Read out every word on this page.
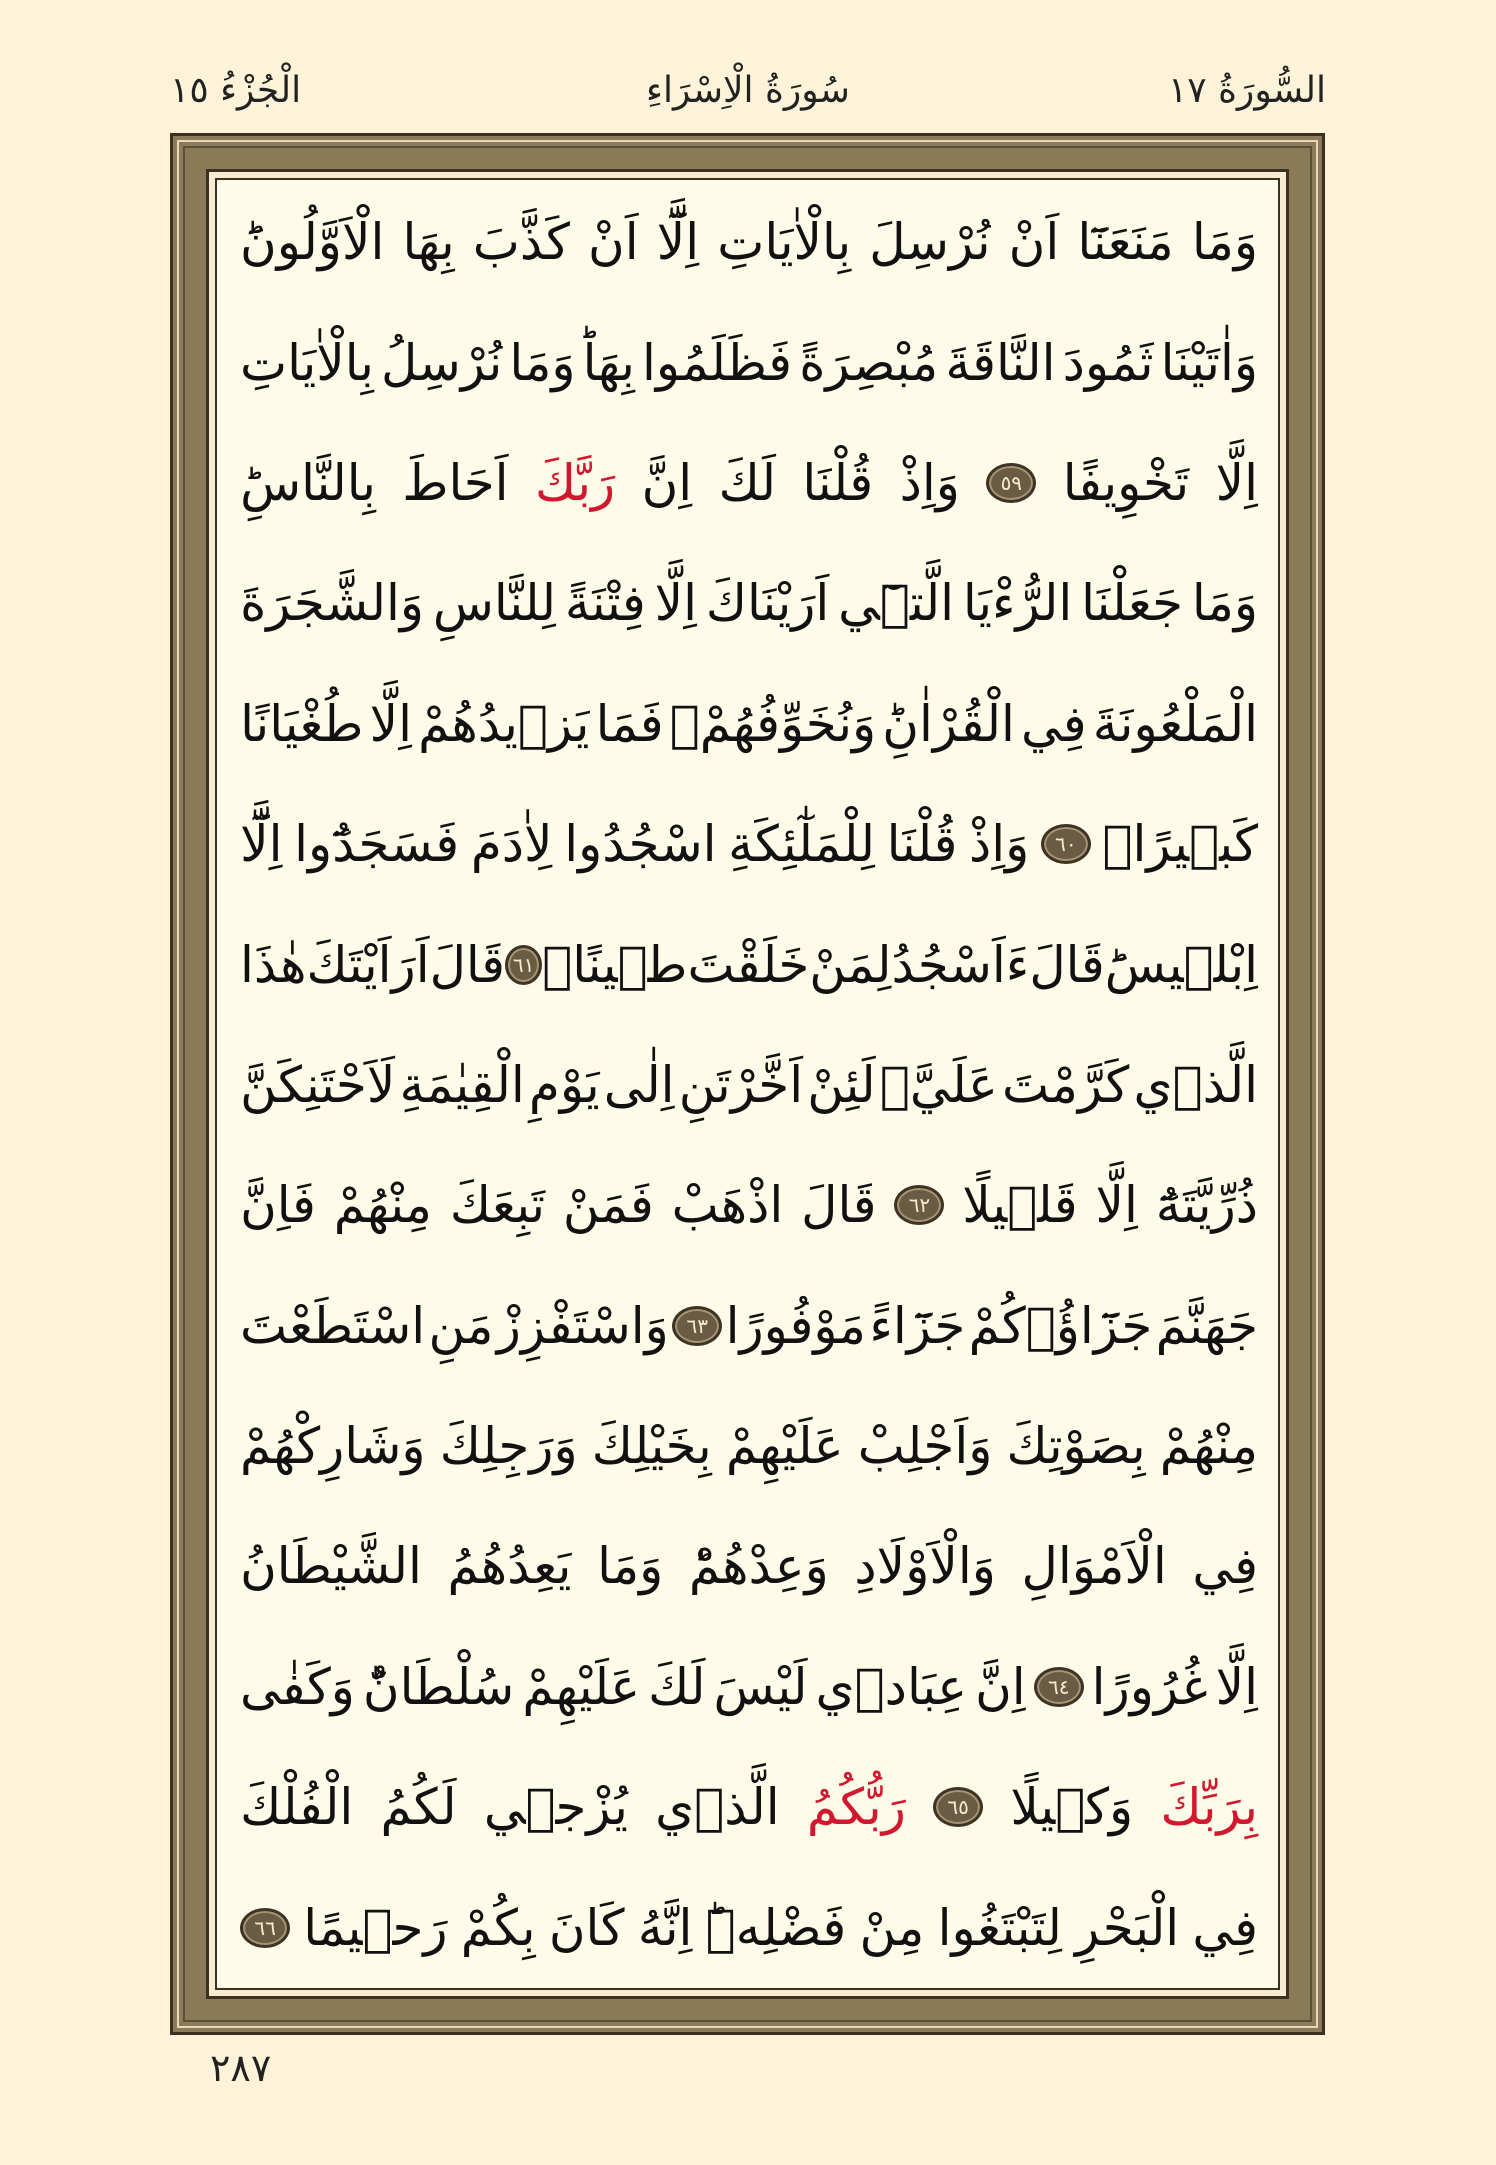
السُّورَةُ ١٧
سُورَةُ الْاِسْرَاءِ
الْجُزْءُ ١٥
وَمَا
مَنَعَنَٓا
اَنْ
نُرْسِلَ
بِالْاٰيَاتِ
اِلَّٓا
اَنْ
كَذَّبَ
بِهَا
الْاَوَّلُونَؕ
وَاٰتَيْنَا
ثَمُودَ
النَّاقَةَ
مُبْصِرَةً
فَظَلَمُوا
بِهَاؕ
وَمَا
نُرْسِلُ
بِالْاٰيَاتِ
اِلَّا
تَخْوِيفًا
٥٩
وَاِذْ
قُلْنَا
لَكَ
اِنَّ
رَبَّكَ
اَحَاطَ
بِالنَّاسِؕ
وَمَا
جَعَلْنَا
الرُّءْيَا
الَّت۪ٓي
اَرَيْنَاكَ
اِلَّا
فِتْنَةً
لِلنَّاسِ
وَالشَّجَرَةَ
الْمَلْعُونَةَ
فِي
الْقُرْاٰنِؕ
وَنُخَوِّفُهُمْۙ
فَمَا
يَز۪يدُهُمْ
اِلَّا
طُغْيَانًا
كَب۪يرًا۟
٦٠
وَاِذْ
قُلْنَا
لِلْمَلٰٓئِكَةِ
اسْجُدُوا
لِاٰدَمَ
فَسَجَدُٓوا
اِلَّٓا
اِبْل۪يسَؕ
قَالَ
ءَاَسْجُدُ
لِمَنْ
خَلَقْتَ
ط۪ينًاۚ
٦١
قَالَ
اَرَاَيْتَكَ
هٰذَا
الَّذ۪ي
كَرَّمْتَ
عَلَيَّۘ
لَئِنْ
اَخَّرْتَنِ
اِلٰى
يَوْمِ
الْقِيٰمَةِ
لَاَحْتَنِكَنَّ
ذُرِّيَّتَهُٓ
اِلَّا
قَل۪يلًا
٦٢
قَالَ
اذْهَبْ
فَمَنْ
تَبِعَكَ
مِنْهُمْ
فَاِنَّ
جَهَنَّمَ
جَزَٓاؤُ۬كُمْ
جَزَٓاءً
مَوْفُورًا
٦٣
وَاسْتَفْزِزْ
مَنِ
اسْتَطَعْتَ
مِنْهُمْ
بِصَوْتِكَ
وَاَجْلِبْ
عَلَيْهِمْ
بِخَيْلِكَ
وَرَجِلِكَ
وَشَارِكْهُمْ
فِي
الْاَمْوَالِ
وَالْاَوْلَادِ
وَعِدْهُمْؕ
وَمَا
يَعِدُهُمُ
الشَّيْطَانُ
اِلَّا
غُرُورًا
٦٤
اِنَّ
عِبَاد۪ي
لَيْسَ
لَكَ
عَلَيْهِمْ
سُلْطَانٌؕ
وَكَفٰى
بِرَبِّكَ
وَك۪يلًا
٦٥
رَبُّكُمُ
الَّذ۪ي
يُزْج۪ي
لَكُمُ
الْفُلْكَ
فِي
الْبَحْرِ
لِتَبْتَغُوا
مِنْ
فَضْلِه۪ؕ
اِنَّهُ
كَانَ
بِكُمْ
رَح۪يمًا
٦٦
٢٨٧
